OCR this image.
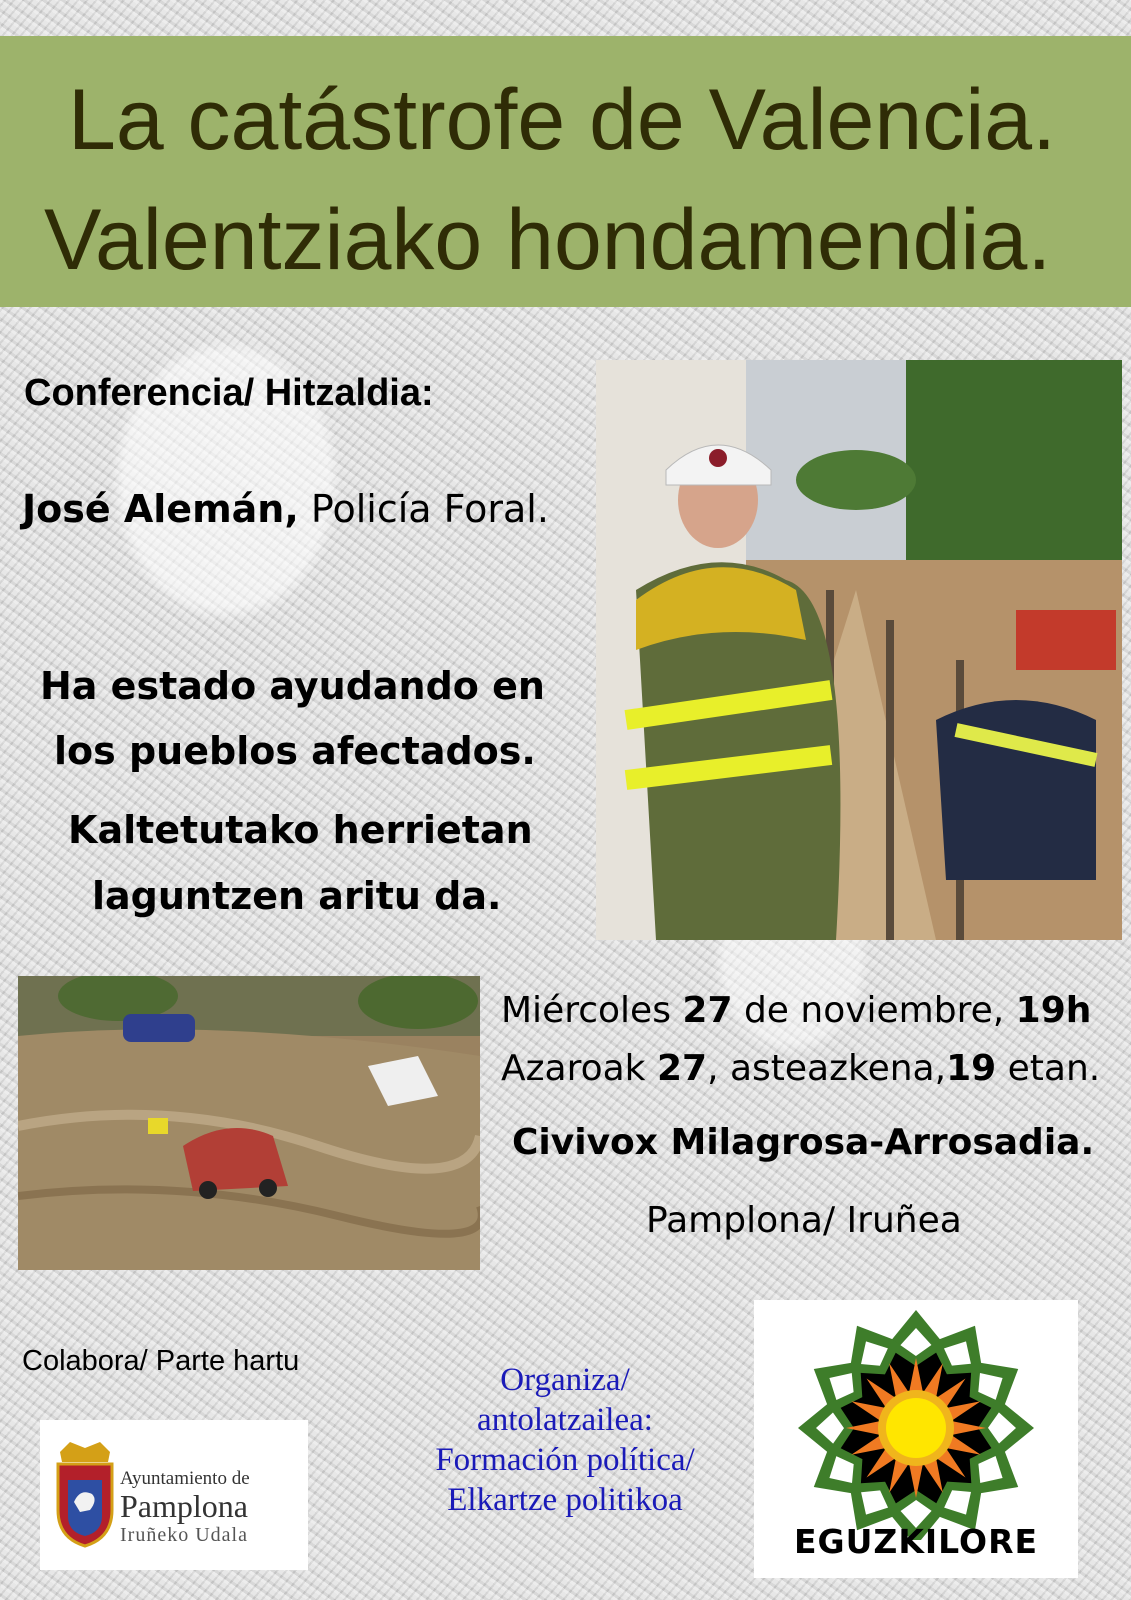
La catástrofe de Valencia.
Valentziako hondamendia.
Conferencia/ Hitzaldia:
José Alemán, Policía Foral.
Ha estado ayudando en
los pueblos afectados.
Kaltetutako herrietan
laguntzen aritu da.
Miércoles 27 de noviembre, 19h
Azaroak 27, asteazkena,19 etan.
Civivox Milagrosa-Arrosadia.
Pamplona/ Iruñea
Colabora/ Parte hartu
Ayuntamiento de
Pamplona
Iruñeko Udala
Organiza/
antolatzailea:
Formación política/
Elkartze politikoa
EGUZKILORE
